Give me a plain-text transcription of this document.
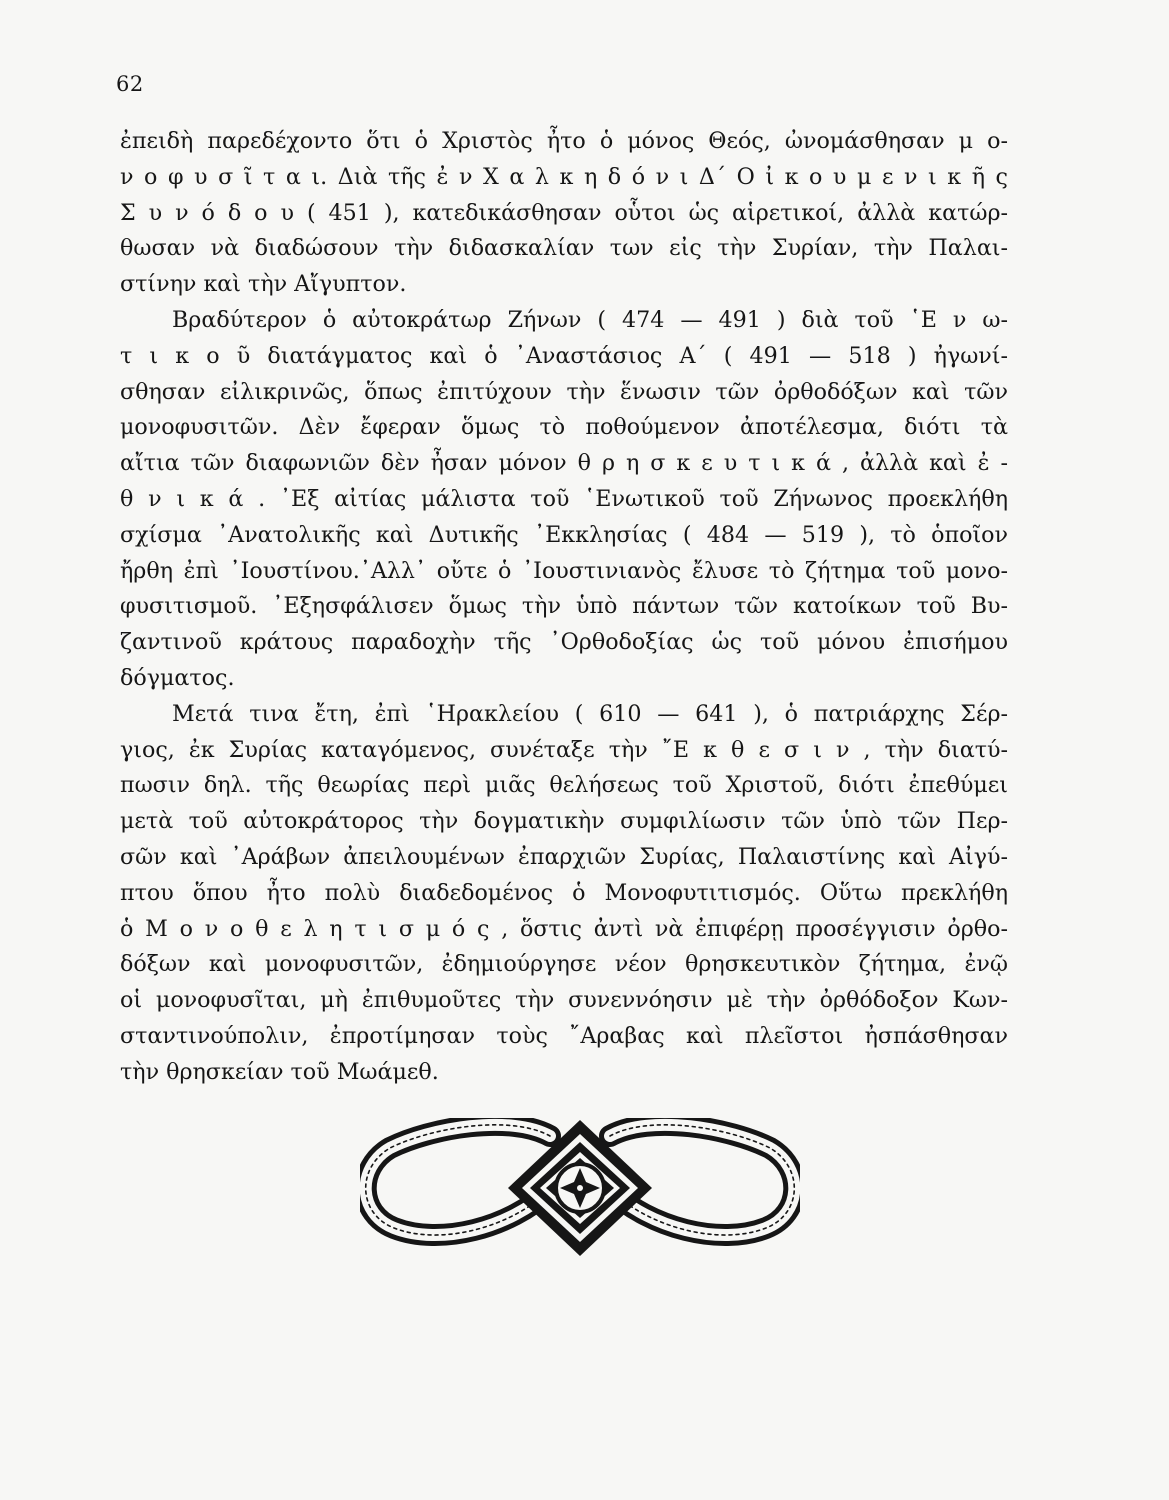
62
ἐπειδὴ παρεδέχοντο ὅτι ὁ Χριστὸς ἦτο ὁ μόνος Θεός, ὠνομάσθησαν μ ο-
ν ο φ υ σ ῖ τ α ι. Διὰ τῆς ἐ ν Χ α λ κ η δ ό ν ι Δ΄ Ο ἰ κ ο υ μ ε ν ι κ ῆ ς
Σ υ ν ό δ ο υ ( 451 ), κατεδικάσθησαν οὗτοι ὡς αἱρετικοί, ἀλλὰ κατώρ-
θωσαν νὰ διαδώσουν τὴν διδασκαλίαν των εἰς τὴν Συρίαν, τὴν Παλαι-
στίνην καὶ τὴν Αἴγυπτον.
Βραδύτερον ὁ αὐτοκράτωρ Ζήνων ( 474 — 491 ) διὰ τοῦ ῾Ε ν ω-
τ ι κ ο ῦ διατάγματος καὶ ὁ ᾿Αναστάσιος Α΄ ( 491 — 518 ) ἠγωνί-
σθησαν εἰλικρινῶς, ὅπως ἐπιτύχουν τὴν ἕνωσιν τῶν ὀρθοδόξων καὶ τῶν
μονοφυσιτῶν. Δὲν ἔφεραν ὅμως τὸ ποθούμενον ἀποτέλεσμα, διότι τὰ
αἴτια τῶν διαφωνιῶν δὲν ἦσαν μόνον θ ρ η σ κ ε υ τ ι κ ά , ἀλλὰ καὶ ἐ -
θ ν ι κ ά . ᾿Εξ αἰτίας μάλιστα τοῦ ῾Ενωτικοῦ τοῦ Ζήνωνος προεκλήθη
σχίσμα ᾿Ανατολικῆς καὶ Δυτικῆς ᾿Εκκλησίας ( 484 — 519 ), τὸ ὁποῖον
ἤρθη ἐπὶ ᾿Ιουστίνου.᾿Αλλ᾿ οὔτε ὁ ᾿Ιουστινιανὸς ἔλυσε τὸ ζήτημα τοῦ μονο-
φυσιτισμοῦ. ᾿Εξησφάλισεν ὅμως τὴν ὑπὸ πάντων τῶν κατοίκων τοῦ Βυ-
ζαντινοῦ κράτους παραδοχὴν τῆς ᾿Ορθοδοξίας ὡς τοῦ μόνου ἐπισήμου
δόγματος.
Μετά τινα ἔτη, ἐπὶ ῾Ηρακλείου ( 610 — 641 ), ὁ πατριάρχης Σέρ-
γιος, ἐκ Συρίας καταγόμενος, συνέταξε τὴν ῎Ε κ θ ε σ ι ν , τὴν διατύ-
πωσιν δηλ. τῆς θεωρίας περὶ μιᾶς θελήσεως τοῦ Χριστοῦ, διότι ἐπεθύμει
μετὰ τοῦ αὐτοκράτορος τὴν δογματικὴν συμφιλίωσιν τῶν ὑπὸ τῶν Περ-
σῶν καὶ ᾿Αράβων ἀπειλουμένων ἐπαρχιῶν Συρίας, Παλαιστίνης καὶ Αἰγύ-
πτου ὅπου ἦτο πολὺ διαδεδομένος ὁ Μονοφυτιτισμός. Οὕτω πρεκλήθη
ὁ Μ ο ν ο θ ε λ η τ ι σ μ ό ς , ὅστις ἀντὶ νὰ ἐπιφέρῃ προσέγγισιν ὀρθο-
δόξων καὶ μονοφυσιτῶν, ἐδημιούργησε νέον θρησκευτικὸν ζήτημα, ἐνῷ
οἱ μονοφυσῖται, μὴ ἐπιθυμοῦτες τὴν συνεννόησιν μὲ τὴν ὀρθόδοξον Κων-
σταντινούπολιν, ἐπροτίμησαν τοὺς ῎Αραβας καὶ πλεῖστοι ἠσπάσθησαν
τὴν θρησκείαν τοῦ Μωάμεθ.
